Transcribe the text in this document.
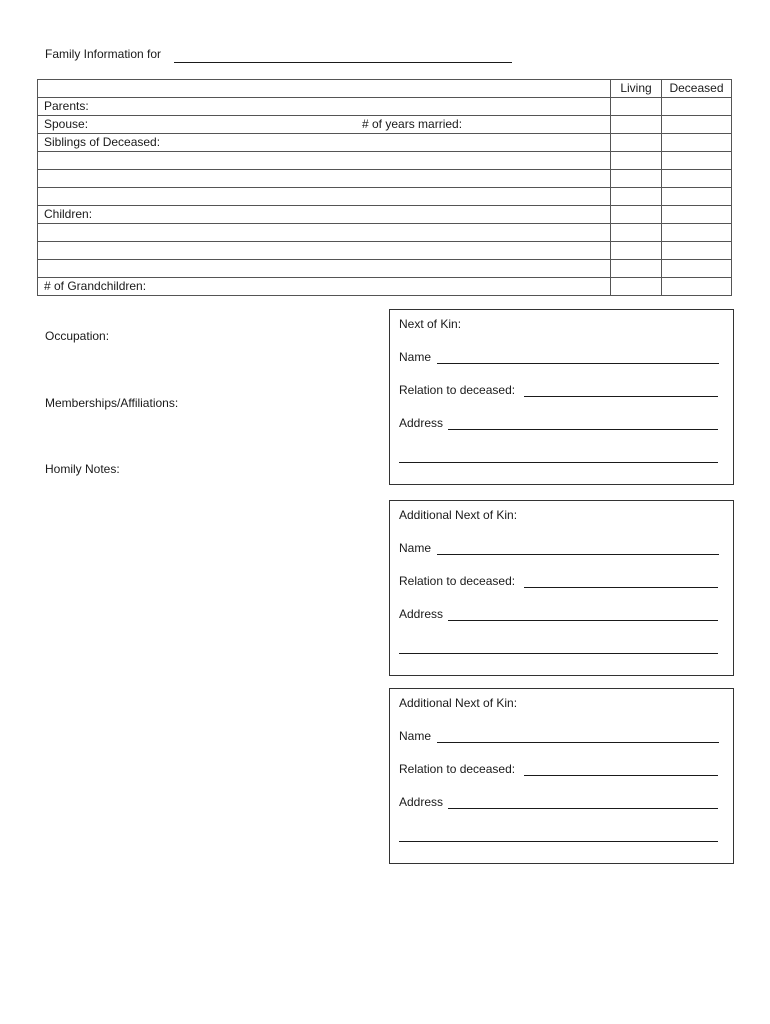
Family Information for
	Living	Deceased
Parents:		
Spouse: # of years married:		

Siblings of Deceased:		

Children:		

# of Grandchildren:		
Occupation:
Memberships/Affiliations:
Homily Notes:
Next of Kin:
Name
Relation to deceased:
Address
Additional Next of Kin:
Name
Relation to deceased:
Address
Additional Next of Kin:
Name
Relation to deceased:
Address
